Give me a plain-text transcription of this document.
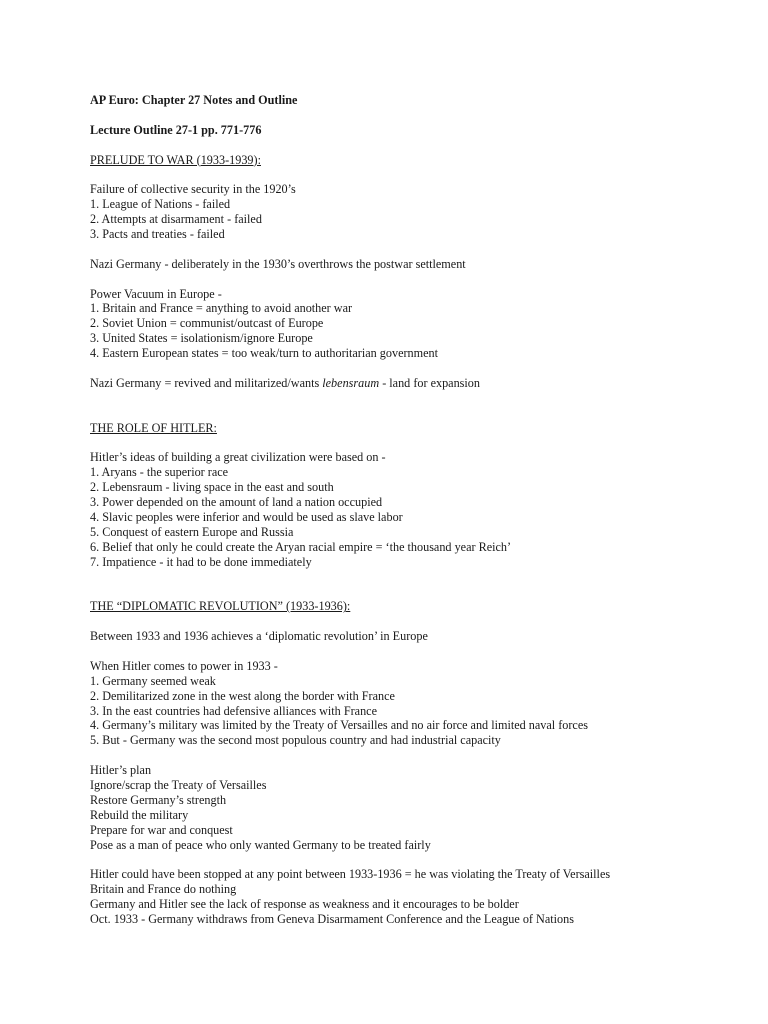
AP Euro: Chapter 27 Notes and Outline
Lecture Outline 27-1 pp. 771-776
PRELUDE TO WAR (1933-1939):
Failure of collective security in the 1920’s
1. League of Nations - failed
2. Attempts at disarmament - failed
3. Pacts and treaties - failed
Nazi Germany - deliberately in the 1930’s overthrows the postwar settlement
Power Vacuum in Europe -
1. Britain and France = anything to avoid another war
2. Soviet Union = communist/outcast of Europe
3. United States = isolationism/ignore Europe
4. Eastern European states = too weak/turn to authoritarian government
Nazi Germany = revived and militarized/wants lebensraum - land for expansion
THE ROLE OF HITLER:
Hitler’s ideas of building a great civilization were based on -
1. Aryans - the superior race
2. Lebensraum - living space in the east and south
3. Power depended on the amount of land a nation occupied
4. Slavic peoples were inferior and would be used as slave labor
5. Conquest of eastern Europe and Russia
6. Belief that only he could create the Aryan racial empire = ‘the thousand year Reich’
7. Impatience - it had to be done immediately
THE “DIPLOMATIC REVOLUTION” (1933-1936):
Between 1933 and 1936 achieves a ‘diplomatic revolution’ in Europe
When Hitler comes to power in 1933 -
1. Germany seemed weak
2. Demilitarized zone in the west along the border with France
3. In the east countries had defensive alliances with France
4. Germany’s military was limited by the Treaty of Versailles and no air force and limited naval forces
5. But - Germany was the second most populous country and had industrial capacity
Hitler’s plan
Ignore/scrap the Treaty of Versailles
Restore Germany’s strength
Rebuild the military
Prepare for war and conquest
Pose as a man of peace who only wanted Germany to be treated fairly
Hitler could have been stopped at any point between 1933-1936 = he was violating the Treaty of Versailles
Britain and France do nothing
Germany and Hitler see the lack of response as weakness and it encourages to be bolder
Oct. 1933 - Germany withdraws from Geneva Disarmament Conference and the League of Nations
